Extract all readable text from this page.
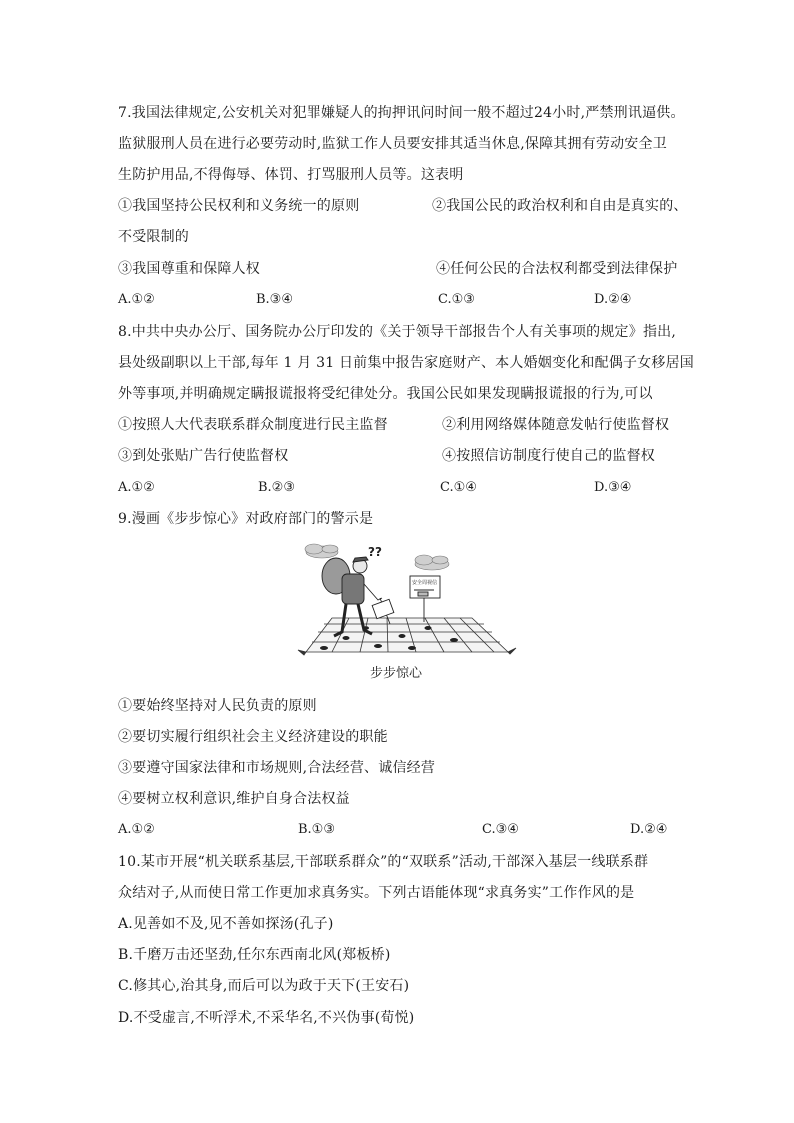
7.我国法律规定,公安机关对犯罪嫌疑人的拘押讯问时间一般不超过24小时,严禁刑讯逼供。
监狱服刑人员在进行必要劳动时,监狱工作人员要安排其适当休息,保障其拥有劳动安全卫
生防护用品,不得侮辱、体罚、打骂服刑人员等。这表明
①我国坚持公民权利和义务统一的原则	②我国公民的政治权利和自由是真实的、
不受限制的
③我国尊重和保障人权	④任何公民的合法权利都受到法律保护
A.①②	B.③④	C.①③	D.②④
8.中共中央办公厅、国务院办公厅印发的《关于领导干部报告个人有关事项的规定》指出,
县处级副职以上干部,每年 1 月 31 日前集中报告家庭财产、本人婚姻变化和配偶子女移居国
外等事项,并明确规定瞒报谎报将受纪律处分。我国公民如果发现瞒报谎报的行为,可以
①按照人大代表联系群众制度进行民主监督	②利用网络媒体随意发帖行使监督权
③到处张贴广告行使监督权	④按照信访制度行使自己的监督权
A.①②	B.②③	C.①④	D.③④
9.漫画《步步惊心》对政府部门的警示是
??
安全周视信
步步惊心
①要始终坚持对人民负责的原则
②要切实履行组织社会主义经济建设的职能
③要遵守国家法律和市场规则,合法经营、诚信经营
④要树立权利意识,维护自身合法权益
A.①②	B.①③	C.③④	D.②④
10.某市开展“机关联系基层,干部联系群众”的“双联系”活动,干部深入基层一线联系群
众结对子,从而使日常工作更加求真务实。下列古语能体现“求真务实”工作作风的是
A.见善如不及,见不善如探汤(孔子)
B.千磨万击还坚劲,任尔东西南北风(郑板桥)
C.修其心,治其身,而后可以为政于天下(王安石)
D.不受虚言,不听浮术,不采华名,不兴伪事(荀悦)
